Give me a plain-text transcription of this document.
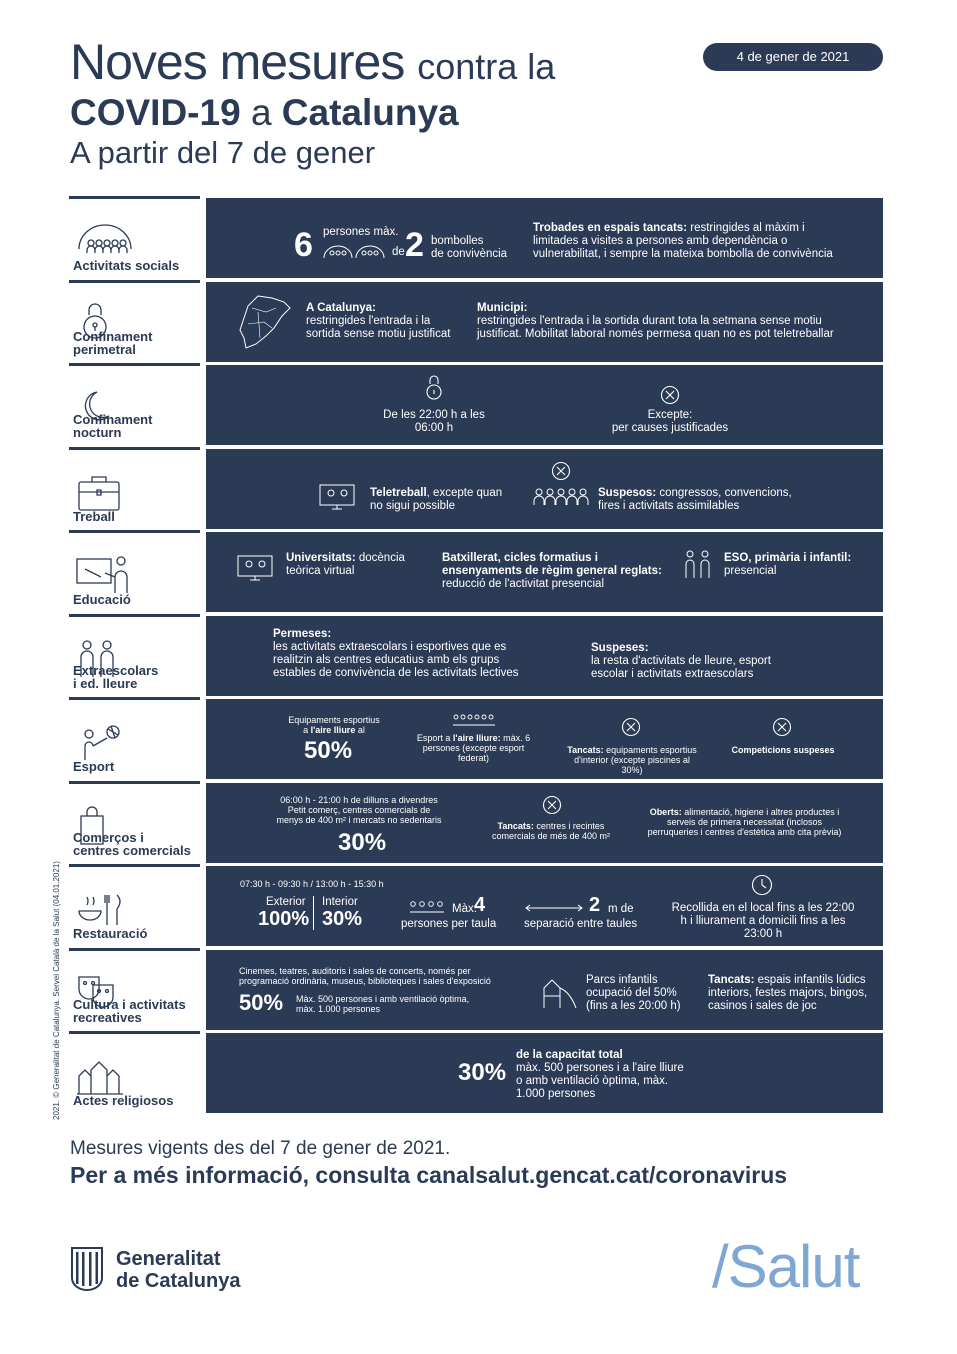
Noves mesures contra la
COVID-19 a Catalunya
A partir del 7 de gener
4 de gener de 2021
Activitats socials
6 persones màx.
de 2 bombolles
de convivència
Trobades en espais tancats: restringides al màxim i limitades a visites a persones amb dependència o vulnerabilitat, i sempre la mateixa bombolla de convivència
Confinament
perimetral
A Catalunya:
restringides l'entrada i la sortida sense motiu justificat
Municipi:
restringides l'entrada i la sortida durant tota la setmana sense motiu justificat. Mobilitat laboral només permesa quan no es pot teletreballar
Confinament
nocturn
De les 22:00 h a les 06:00 h
Excepte:
per causes justificades
Treball
Teletreball, excepte quan no sigui possible
Suspesos: congressos, convencions, fires i activitats assimilables
Educació
Universitats: docència teòrica virtual
Batxillerat, cicles formatius i ensenyaments de règim general reglats: reducció de l'activitat presencial
ESO, primària i infantil:
presencial
Extraescolars
i ed. lleure
Permeses:
les activitats extraescolars i esportives que es realitzin als centres educatius amb els grups estables de convivència de les activitats lectives
Suspeses:
la resta d'activitats de lleure, esport escolar i activitats extraescolars
Esport
Equipaments esportius
a l'aire lliure al
50%	Esport a l'aire lliure: màx. 6 persones (excepte esport federat)
Tancats: equipaments esportius d'interior (excepte piscines al 30%)
Competicions suspeses
Comerços i
centres comercials
06:00 h - 21:00 h de dilluns a divendres
Petit comerç, centres comercials de menys de 400 m² i mercats no sedentaris
30%
Tancats: centres i recintes comercials de més de 400 m²
Oberts: alimentació, higiene i altres productes i serveis de primera necessitat (inclosos perruqueries i centres d'estètica amb cita prèvia)
Restauració
07:30 h - 09:30 h / 13:00 h - 15:30 h
Exterior
100%
Interior
30%	Màx.
4
persones per taula
2 m de
separació entre taules
Recollida en el local fins a les 22:00 h i lliurament a domicili fins a les 23:00 h
Cultura i activitats
recreatives
Cinemes, teatres, auditoris i sales de concerts, només per programació ordinària, museus, biblioteques i sales d'exposició
50% Màx. 500 persones i amb ventilació òptima, màx. 1.000 persones
Parcs infantils ocupació del 50% (fins a les 20:00 h)
Tancats: espais infantils lúdics interiors, festes majors, bingos, casinos i sales de joc
Actes religiosos
30%
de la capacitat total
màx. 500 persones i a l'aire lliure o amb ventilació òptima, màx. 1.000 persones
2021. © Generalitat de Catalunya. Servei Català de la Salut (04.01.2021)
Mesures vigents des del 7 de gener de 2021.
Per a més informació, consulta canalsalut.gencat.cat/coronavirus
Generalitat
de Catalunya	/Salut
